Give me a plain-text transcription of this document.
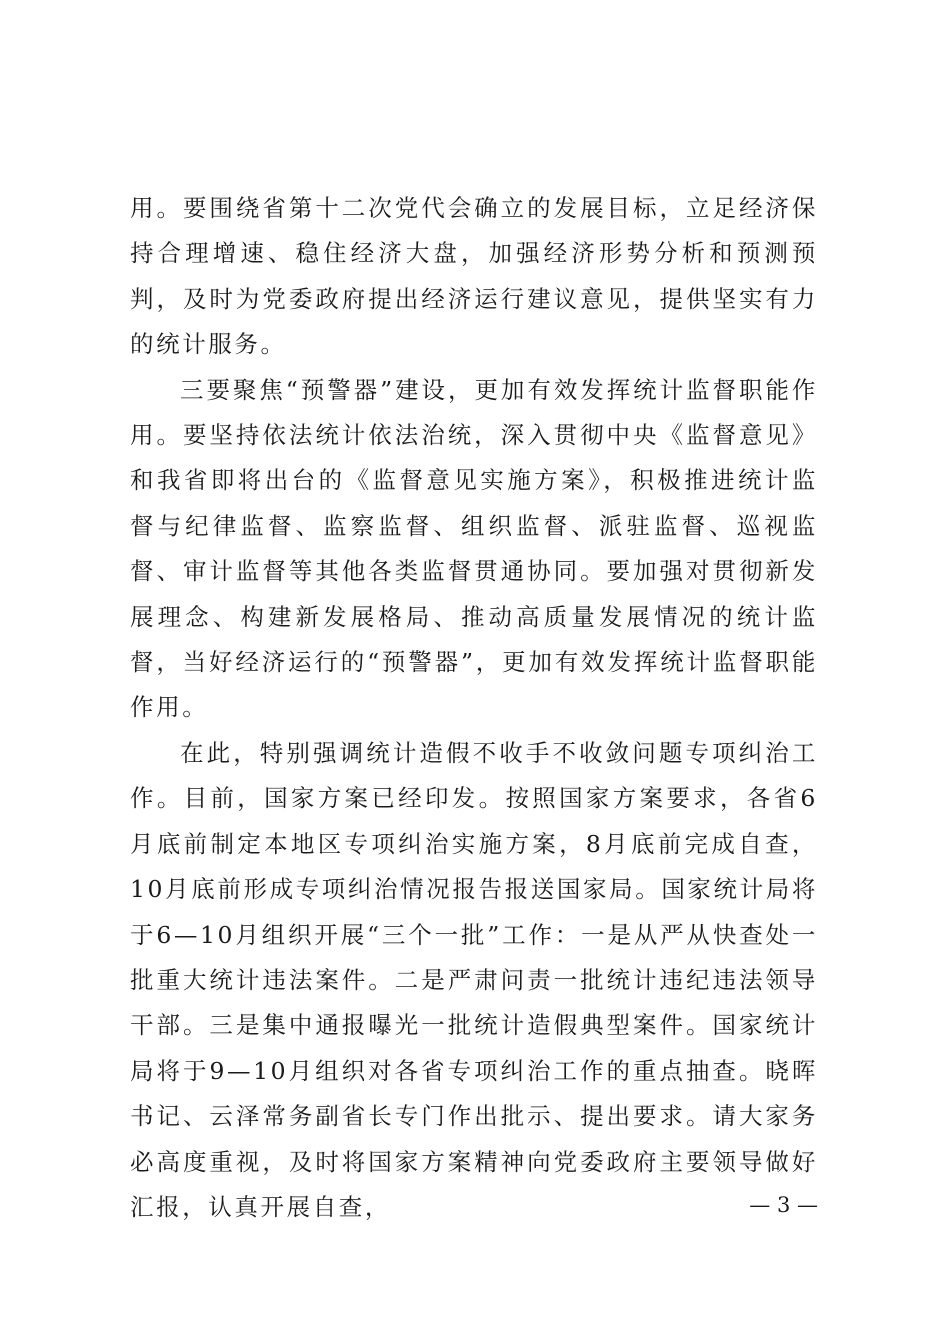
用。要围绕省第十二次党代会确立的发展目标，立足经济保持合理增速、稳住经济大盘，加强经济形势分析和预测预判，及时为党委政府提出经济运行建议意见，提供坚实有力的统计服务。

三要聚焦“预警器”建设，更加有效发挥统计监督职能作用。要坚持依法统计依法治统，深入贯彻中央《监督意见》和我省即将出台的《监督意见实施方案》，积极推进统计监督与纪律监督、监察监督、组织监督、派驻监督、巡视监督、审计监督等其他各类监督贯通协同。要加强对贯彻新发展理念、构建新发展格局、推动高质量发展情况的统计监督，当好经济运行的“预警器”，更加有效发挥统计监督职能作用。

在此，特别强调统计造假不收手不收敛问题专项纠治工作。目前，国家方案已经印发。按照国家方案要求，各省6月底前制定本地区专项纠治实施方案，8月底前完成自查，10月底前形成专项纠治情况报告报送国家局。国家统计局将于6—10月组织开展“三个一批”工作：一是从严从快查处一批重大统计违法案件。二是严肃问责一批统计违纪违法领导干部。三是集中通报曝光一批统计造假典型案件。国家统计局将于9—10月组织对各省专项纠治工作的重点抽查。晓晖书记、云泽常务副省长专门作出批示、提出要求。请大家务必高度重视，及时将国家方案精神向党委政府主要领导做好汇报，认真开展自查，	— 3 —
